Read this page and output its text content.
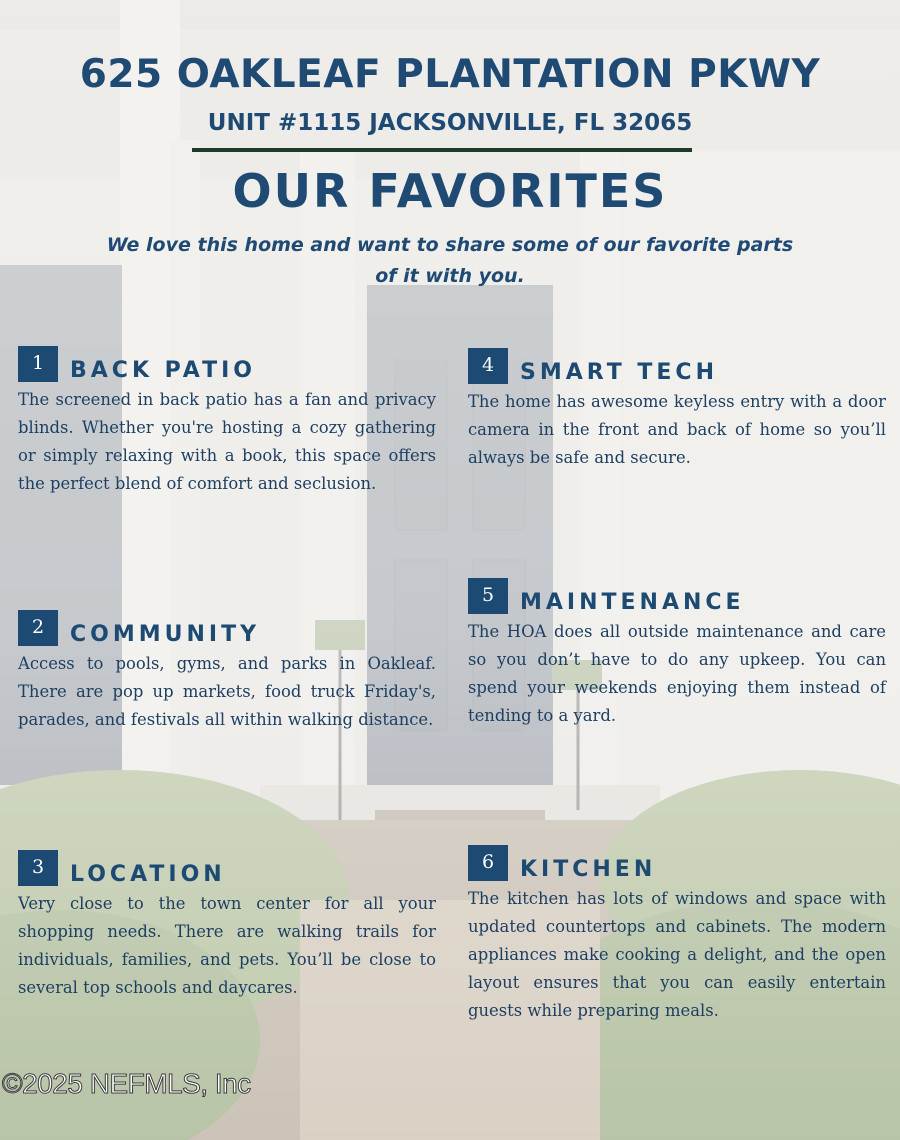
625 OAKLEAF PLANTATION PKWY
UNIT #1115 JACKSONVILLE, FL 32065
OUR FAVORITES
We love this home and want to share some of our favorite parts of it with you.
1	BACK PATIO
The screened in back patio has a fan and privacy blinds. Whether you're hosting a cozy gathering or simply relaxing with a book, this space offers the perfect blend of comfort and seclusion.
2	COMMUNITY
Access to pools, gyms, and parks in Oakleaf. There are pop up markets, food truck Friday's, parades, and festivals all within walking distance.
3	LOCATION
Very close to the town center for all your shopping needs. There are walking trails for individuals, families, and pets. You’ll be close to several top schools and daycares.
4	SMART TECH
The home has awesome keyless entry with a door camera in the front and back of home so you’ll always be safe and secure.
5	MAINTENANCE
The HOA does all outside maintenance and care so you don’t have to do any upkeep. You can spend your weekends enjoying them instead of tending to a yard.
6	KITCHEN
The kitchen has lots of windows and space with updated countertops and cabinets. The modern appliances make cooking a delight, and the open layout ensures that you can easily entertain guests while preparing meals.
©2025 NEFMLS, Inc
